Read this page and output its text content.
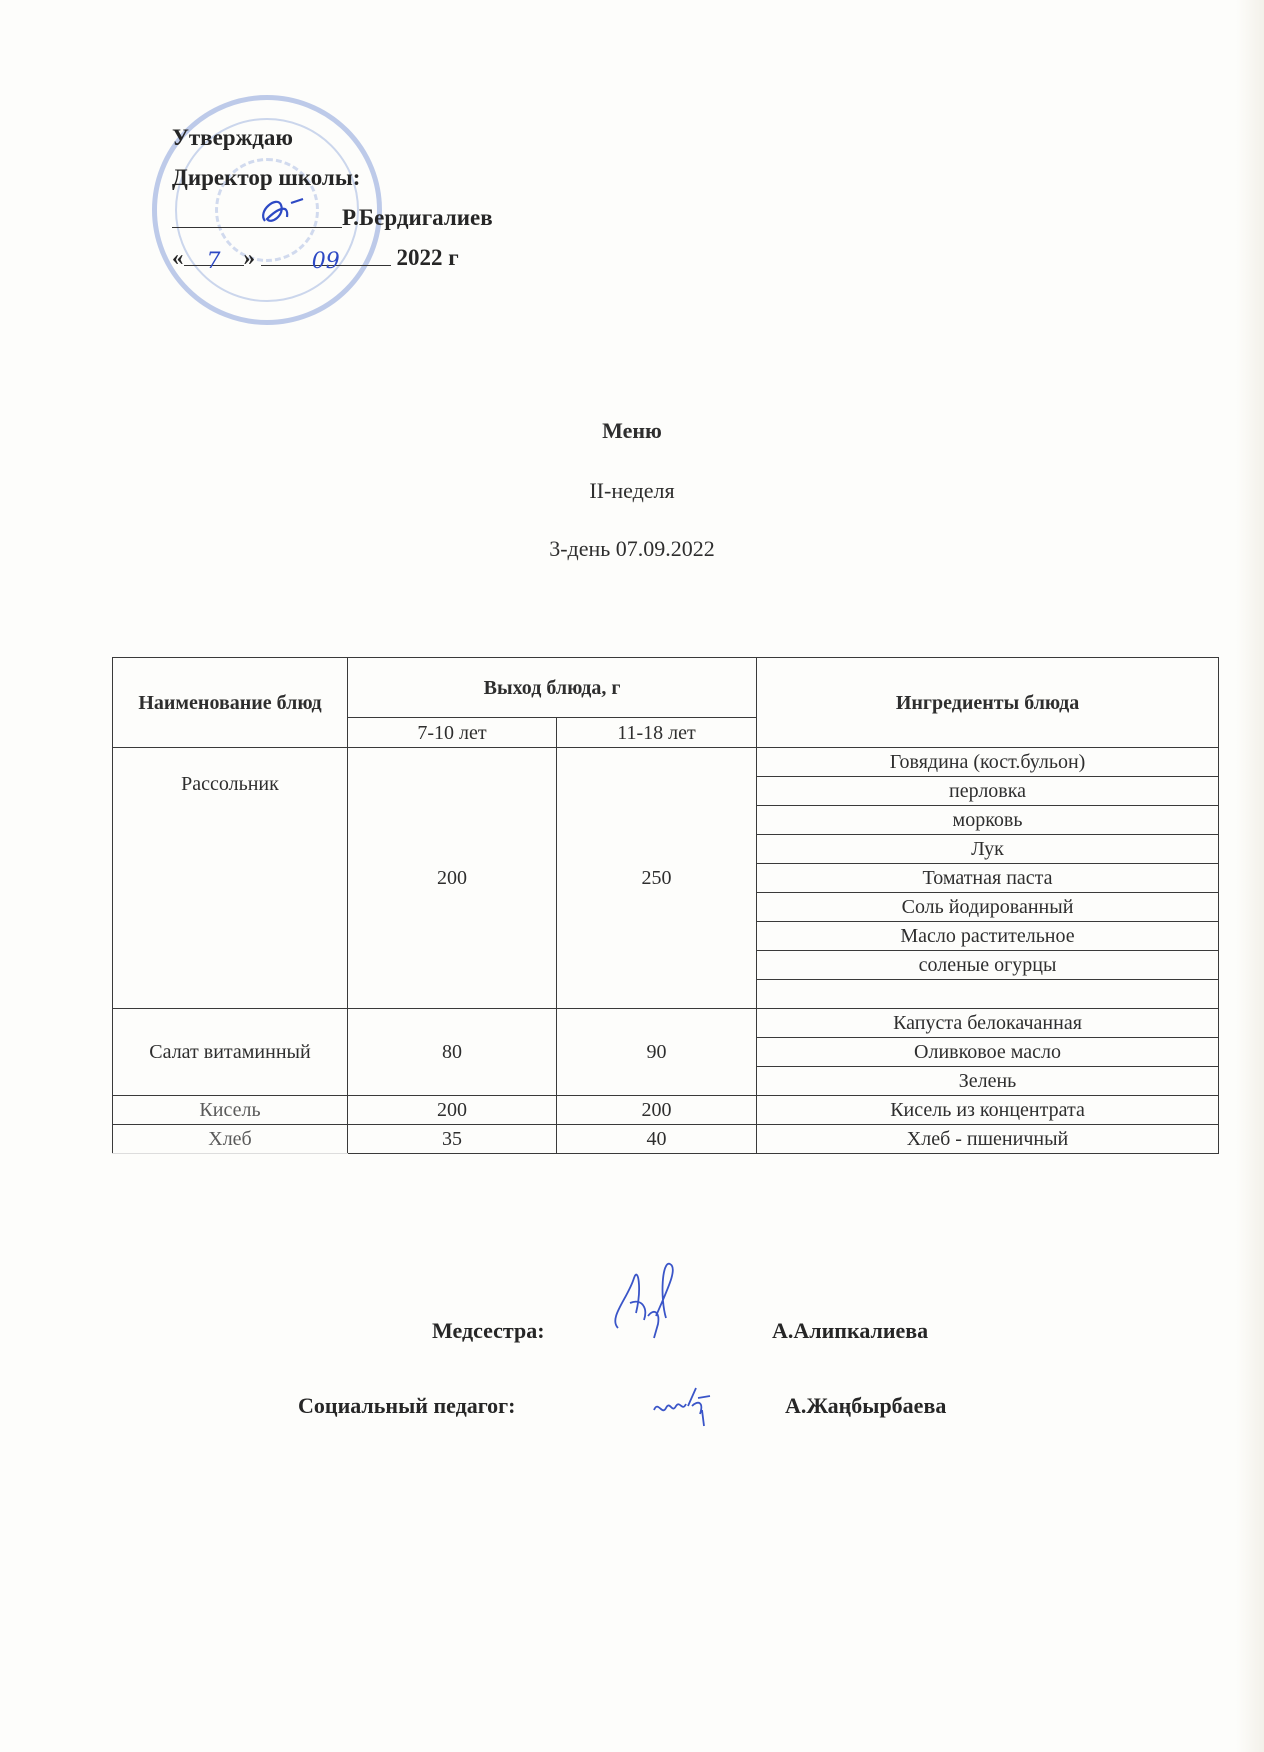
Утверждаю
Директор школы:
Р.Бердигалиев
« 7 »	09 2022 г
Меню
II-неделя
3-день 07.09.2022
Наименование блюд	Выход блюда, г		Ингредиенты блюда
	7-10 лет	11-18 лет	
Рассольник	200	250	Говядина (кост.бульон)
			перловка
			морковь
			Лук
			Томатная паста
			Соль йодированный
			Масло растительное
			соленые огурцы

Салат витаминный	80	90	Капуста белокачанная
			Оливковое масло
			Зелень
Кисель	200	200	Кисель из концентрата
Хлеб	35	40	Хлеб - пшеничный
Медсестра:	А.Алипкалиева
Социальный педагог:	А.Жаңбырбаева
